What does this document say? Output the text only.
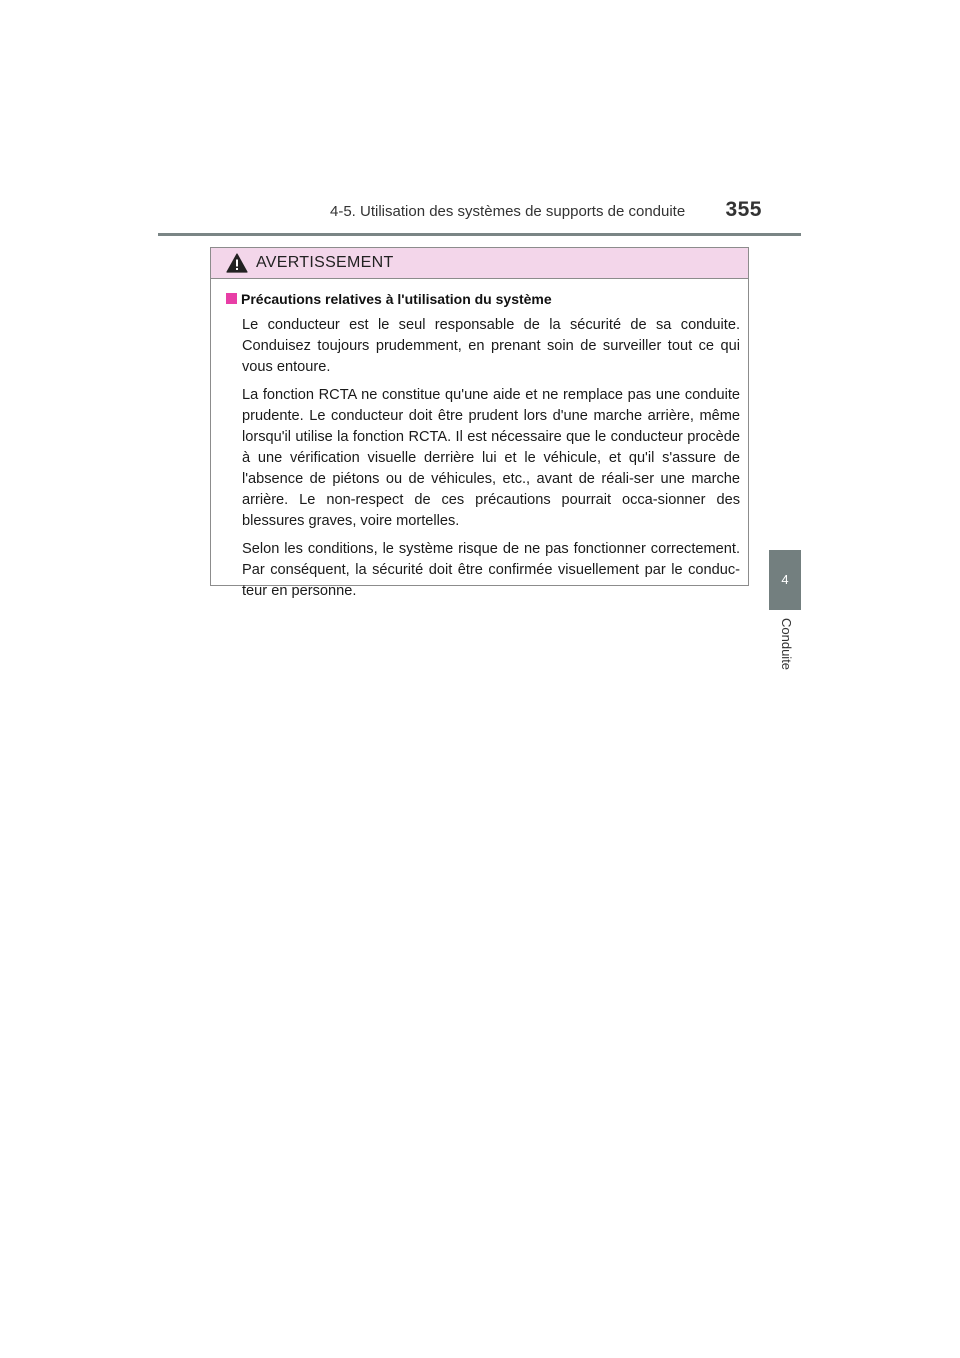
4-5. Utilisation des systèmes de supports de conduite	355
4
Conduite
AVERTISSEMENT
Précautions relatives à l'utilisation du système

Le conducteur est le seul responsable de la sécurité de sa conduite. Conduisez toujours prudemment, en prenant soin de surveiller tout ce qui vous entoure.

La fonction RCTA ne constitue qu'une aide et ne remplace pas une conduite prudente. Le conducteur doit être prudent lors d'une marche arrière, même lorsqu'il utilise la fonction RCTA. Il est nécessaire que le conducteur procède à une vérification visuelle derrière lui et le véhicule, et qu'il s'assure de l'absence de piétons ou de véhicules, etc., avant de réali-ser une marche arrière. Le non-respect de ces précautions pourrait occa-sionner des blessures graves, voire mortelles.

Selon les conditions, le système risque de ne pas fonctionner correctement. Par conséquent, la sécurité doit être confirmée visuellement par le conduc-teur en personne.
